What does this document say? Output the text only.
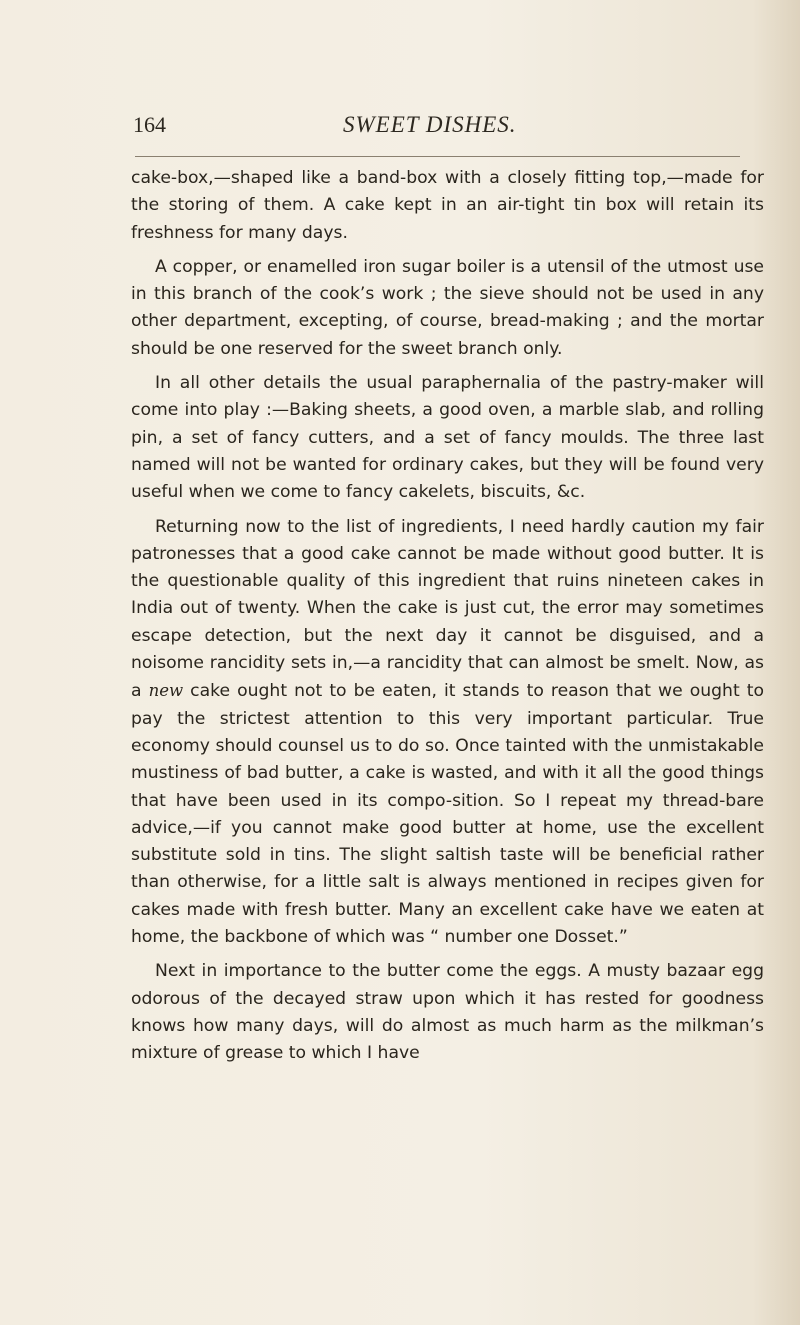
164	SWEET DISHES.

cake-box,—shaped like a band-box with a closely fitting top,—made for the storing of them. A cake kept in an air-tight tin box will retain its freshness for many days.

A copper, or enamelled iron sugar boiler is a utensil of the utmost use in this branch of the cook’s work ; the sieve should not be used in any other department, excepting, of course, bread-making ; and the mortar should be one reserved for the sweet branch only.

In all other details the usual paraphernalia of the pastry-maker will come into play :—Baking sheets, a good oven, a marble slab, and rolling pin, a set of fancy cutters, and a set of fancy moulds. The three last named will not be wanted for ordinary cakes, but they will be found very useful when we come to fancy cakelets, biscuits, &c.

Returning now to the list of ingredients, I need hardly caution my fair patronesses that a good cake cannot be made without good butter. It is the questionable quality of this ingredient that ruins nineteen cakes in India out of twenty. When the cake is just cut, the error may sometimes escape detection, but the next day it cannot be disguised, and a noisome rancidity sets in,—a rancidity that can almost be smelt. Now, as a new cake ought not to be eaten, it stands to reason that we ought to pay the strictest attention to this very important particular. True economy should counsel us to do so. Once tainted with the unmistakable mustiness of bad butter, a cake is wasted, and with it all the good things that have been used in its compo-sition. So I repeat my thread-bare advice,—if you cannot make good butter at home, use the excellent substitute sold in tins. The slight saltish taste will be beneficial rather than otherwise, for a little salt is always mentioned in recipes given for cakes made with fresh butter. Many an excellent cake have we eaten at home, the backbone of which was “ number one Dosset.”

Next in importance to the butter come the eggs. A musty bazaar egg odorous of the decayed straw upon which it has rested for goodness knows how many days, will do almost as much harm as the milkman’s mixture of grease to which I have
